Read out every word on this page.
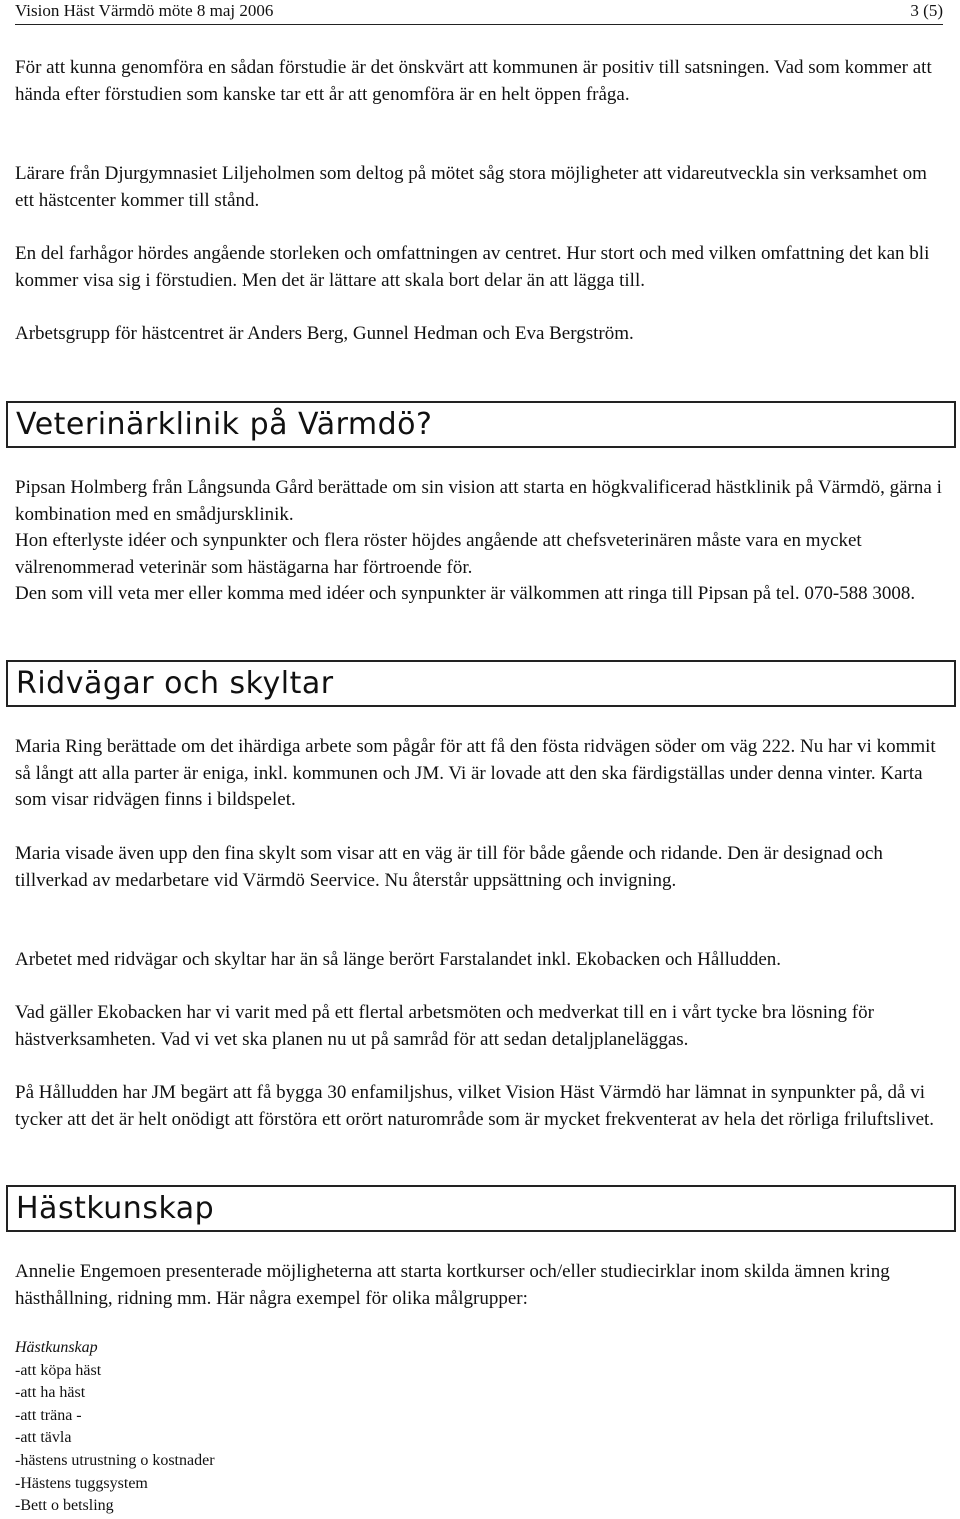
Vision Häst Värmdö möte 8 maj 2006	3 (5)

För att kunna genomföra en sådan förstudie är det önskvärt att kommunen är positiv till satsningen. Vad som kommer att hända efter förstudien som kanske tar ett år att genomföra är en helt öppen fråga.

Lärare från Djurgymnasiet Liljeholmen som deltog på mötet såg stora möjligheter att vidareutveckla sin verksamhet om ett hästcenter kommer till stånd.

En del farhågor hördes angående storleken och omfattningen av centret. Hur stort och med vilken omfattning det kan bli kommer visa sig i förstudien. Men det är lättare att skala bort delar än att lägga till.

Arbetsgrupp för hästcentret är Anders Berg, Gunnel Hedman och Eva Bergström.

Veterinärklinik på Värmdö?

Pipsan Holmberg från Långsunda Gård berättade om sin vision att starta en högkvalificerad hästklinik på Värmdö, gärna i kombination med en smådjursklinik.

Hon efterlyste idéer och synpunkter och flera röster höjdes angående att chefsveterinären måste vara en mycket välrenommerad veterinär som hästägarna har förtroende för.

Den som vill veta mer eller komma med idéer och synpunkter är välkommen att ringa till Pipsan på tel. 070-588 3008.

Ridvägar och skyltar

Maria Ring berättade om det ihärdiga arbete som pågår för att få den fösta ridvägen söder om väg 222. Nu har vi kommit så långt att alla parter är eniga, inkl. kommunen och JM. Vi är lovade att den ska färdigställas under denna vinter. Karta som visar ridvägen finns i bildspelet.

Maria visade även upp den fina skylt som visar att en väg är till för både gående och ridande. Den är designad och tillverkad av medarbetare vid Värmdö Seervice. Nu återstår uppsättning och invigning.

Arbetet med ridvägar och skyltar har än så länge berört Farstalandet inkl. Ekobacken och Hålludden.

Vad gäller Ekobacken har vi varit med på ett flertal arbetsmöten och medverkat till en i vårt tycke bra lösning för hästverksamheten. Vad vi vet ska planen nu ut på samråd för att sedan detaljplaneläggas.

På Hålludden har JM begärt att få bygga 30 enfamiljshus, vilket Vision Häst Värmdö har lämnat in synpunkter på, då vi tycker att det är helt onödigt att förstöra ett orört naturområde som är mycket frekventerat av hela det rörliga friluftslivet.

Hästkunskap

Annelie Engemoen presenterade möjligheterna att starta kortkurser och/eller studiecirklar inom skilda ämnen kring hästhållning, ridning mm. Här några exempel för olika målgrupper:

Hästkunskap
-att köpa häst
-att ha häst
-att träna -
-att tävla
-hästens utrustning o kostnader
-Hästens tuggsystem
-Bett o betsling
